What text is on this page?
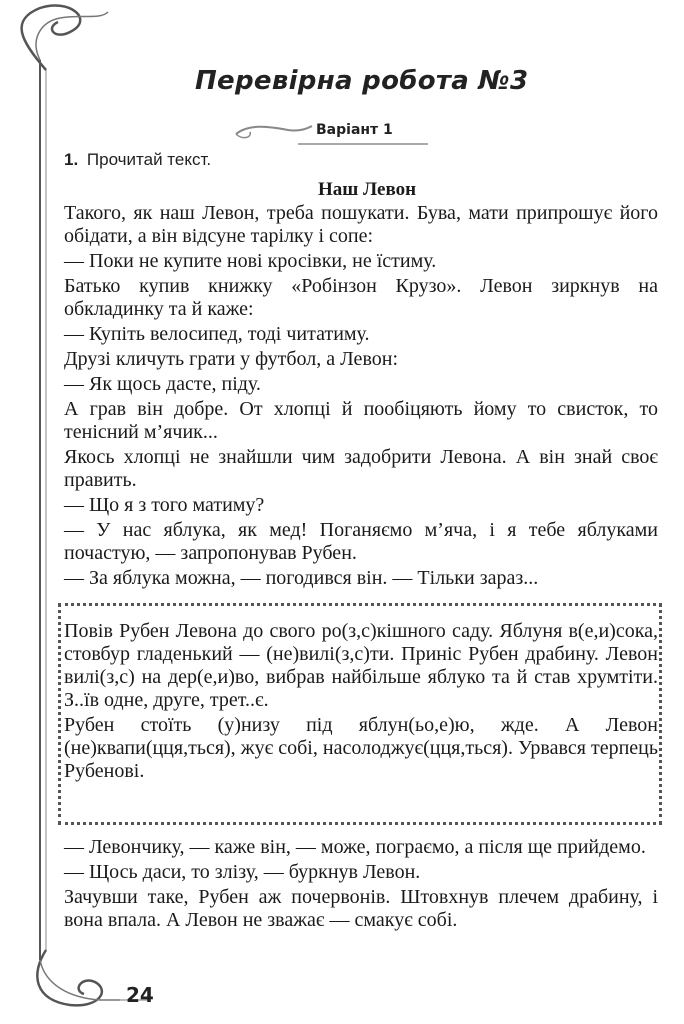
Перевірна робота №3
Варіант 1
1. Прочитай текст.
Наш Левон

Такого, як наш Левон, треба пошукати. Бува, мати припрошує його обідати, а він відсуне тарілку і сопе:

— Поки не купите нові кросівки, не їстиму.

Батько купив книжку «Робінзон Крузо». Левон зиркнув на обкладинку та й каже:

— Купіть велосипед, тоді читатиму.

Друзі кличуть грати у футбол, а Левон:

— Як щось дасте, піду.

А грав він добре. От хлопці й пообіцяють йому то свисток, то тенісний м’ячик...

Якось хлопці не знайшли чим задобрити Левона. А він знай своє править.

— Що я з того матиму?

— У нас яблука, як мед! Поганяємо м’яча, і я тебе яблуками почастую, — запропонував Рубен.

— За яблука можна, — погодився він. — Тільки зараз...

Повів Рубен Левона до свого ро(з,с)кішного саду. Яблуня в(е,и)сока, стовбур гладенький — (не)вилі(з,с)ти. Приніс Рубен драбину. Левон вилі(з,с) на дер(е,и)во, вибрав найбільше яблуко та й став хрумтіти. З..їв одне, друге, трет..є.

Рубен стоїть (у)низу під яблун(ьо,е)ю, жде. А Левон (не)квапи(цця,ться), жує собі, насолоджує(цця,ться). Урвався терпець Рубенові.

— Левончику, — каже він, — може, пограємо, а після ще прийдемо.

— Щось даси, то злізу, — буркнув Левон.

Зачувши таке, Рубен аж почервонів. Штовхнув плечем драбину, і вона впала. А Левон не зважає — смакує собі.

24
